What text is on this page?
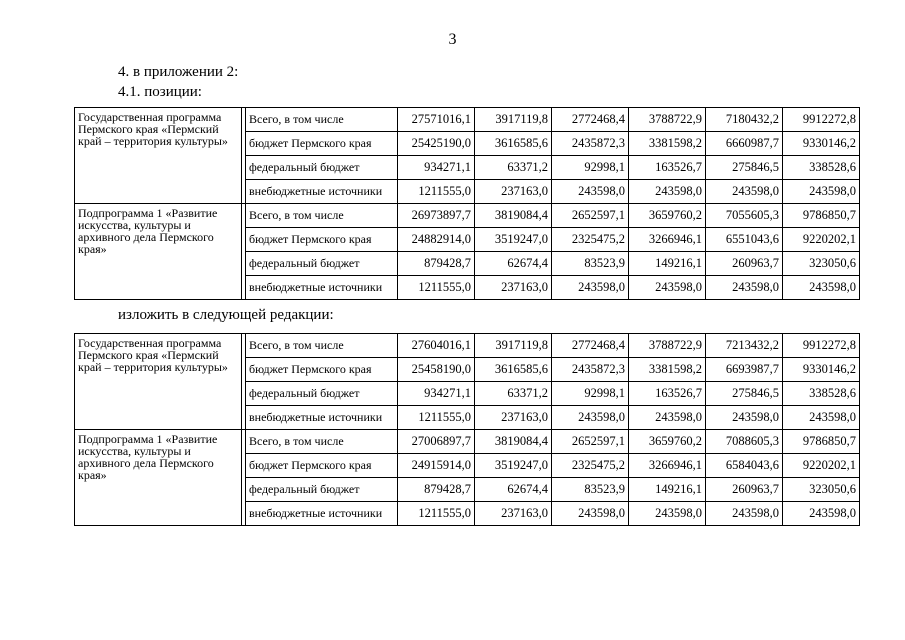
3
4. в приложении 2:
4.1. позиции:
Государственная программа Пермского края «Пермский край – территория культуры»		Всего, в том числе	27571016,1	3917119,8	2772468,4	3788722,9	7180432,2	9912272,8
		бюджет Пермского края	25425190,0	3616585,6	2435872,3	3381598,2	6660987,7	9330146,2
		федеральный бюджет	934271,1	63371,2	92998,1	163526,7	275846,5	338528,6
		внебюджетные источники	1211555,0	237163,0	243598,0	243598,0	243598,0	243598,0
Подпрограмма 1 «Развитие искусства, культуры и архивного дела Пермского края»		Всего, в том числе	26973897,7	3819084,4	2652597,1	3659760,2	7055605,3	9786850,7
		бюджет Пермского края	24882914,0	3519247,0	2325475,2	3266946,1	6551043,6	9220202,1
		федеральный бюджет	879428,7	62674,4	83523,9	149216,1	260963,7	323050,6
		внебюджетные источники	1211555,0	237163,0	243598,0	243598,0	243598,0	243598,0
изложить в следующей редакции:
Государственная программа Пермского края «Пермский край – территория культуры»		Всего, в том числе	27604016,1	3917119,8	2772468,4	3788722,9	7213432,2	9912272,8
		бюджет Пермского края	25458190,0	3616585,6	2435872,3	3381598,2	6693987,7	9330146,2
		федеральный бюджет	934271,1	63371,2	92998,1	163526,7	275846,5	338528,6
		внебюджетные источники	1211555,0	237163,0	243598,0	243598,0	243598,0	243598,0
Подпрограмма 1 «Развитие искусства, культуры и архивного дела Пермского края»		Всего, в том числе	27006897,7	3819084,4	2652597,1	3659760,2	7088605,3	9786850,7
		бюджет Пермского края	24915914,0	3519247,0	2325475,2	3266946,1	6584043,6	9220202,1
		федеральный бюджет	879428,7	62674,4	83523,9	149216,1	260963,7	323050,6
		внебюджетные источники	1211555,0	237163,0	243598,0	243598,0	243598,0	243598,0
